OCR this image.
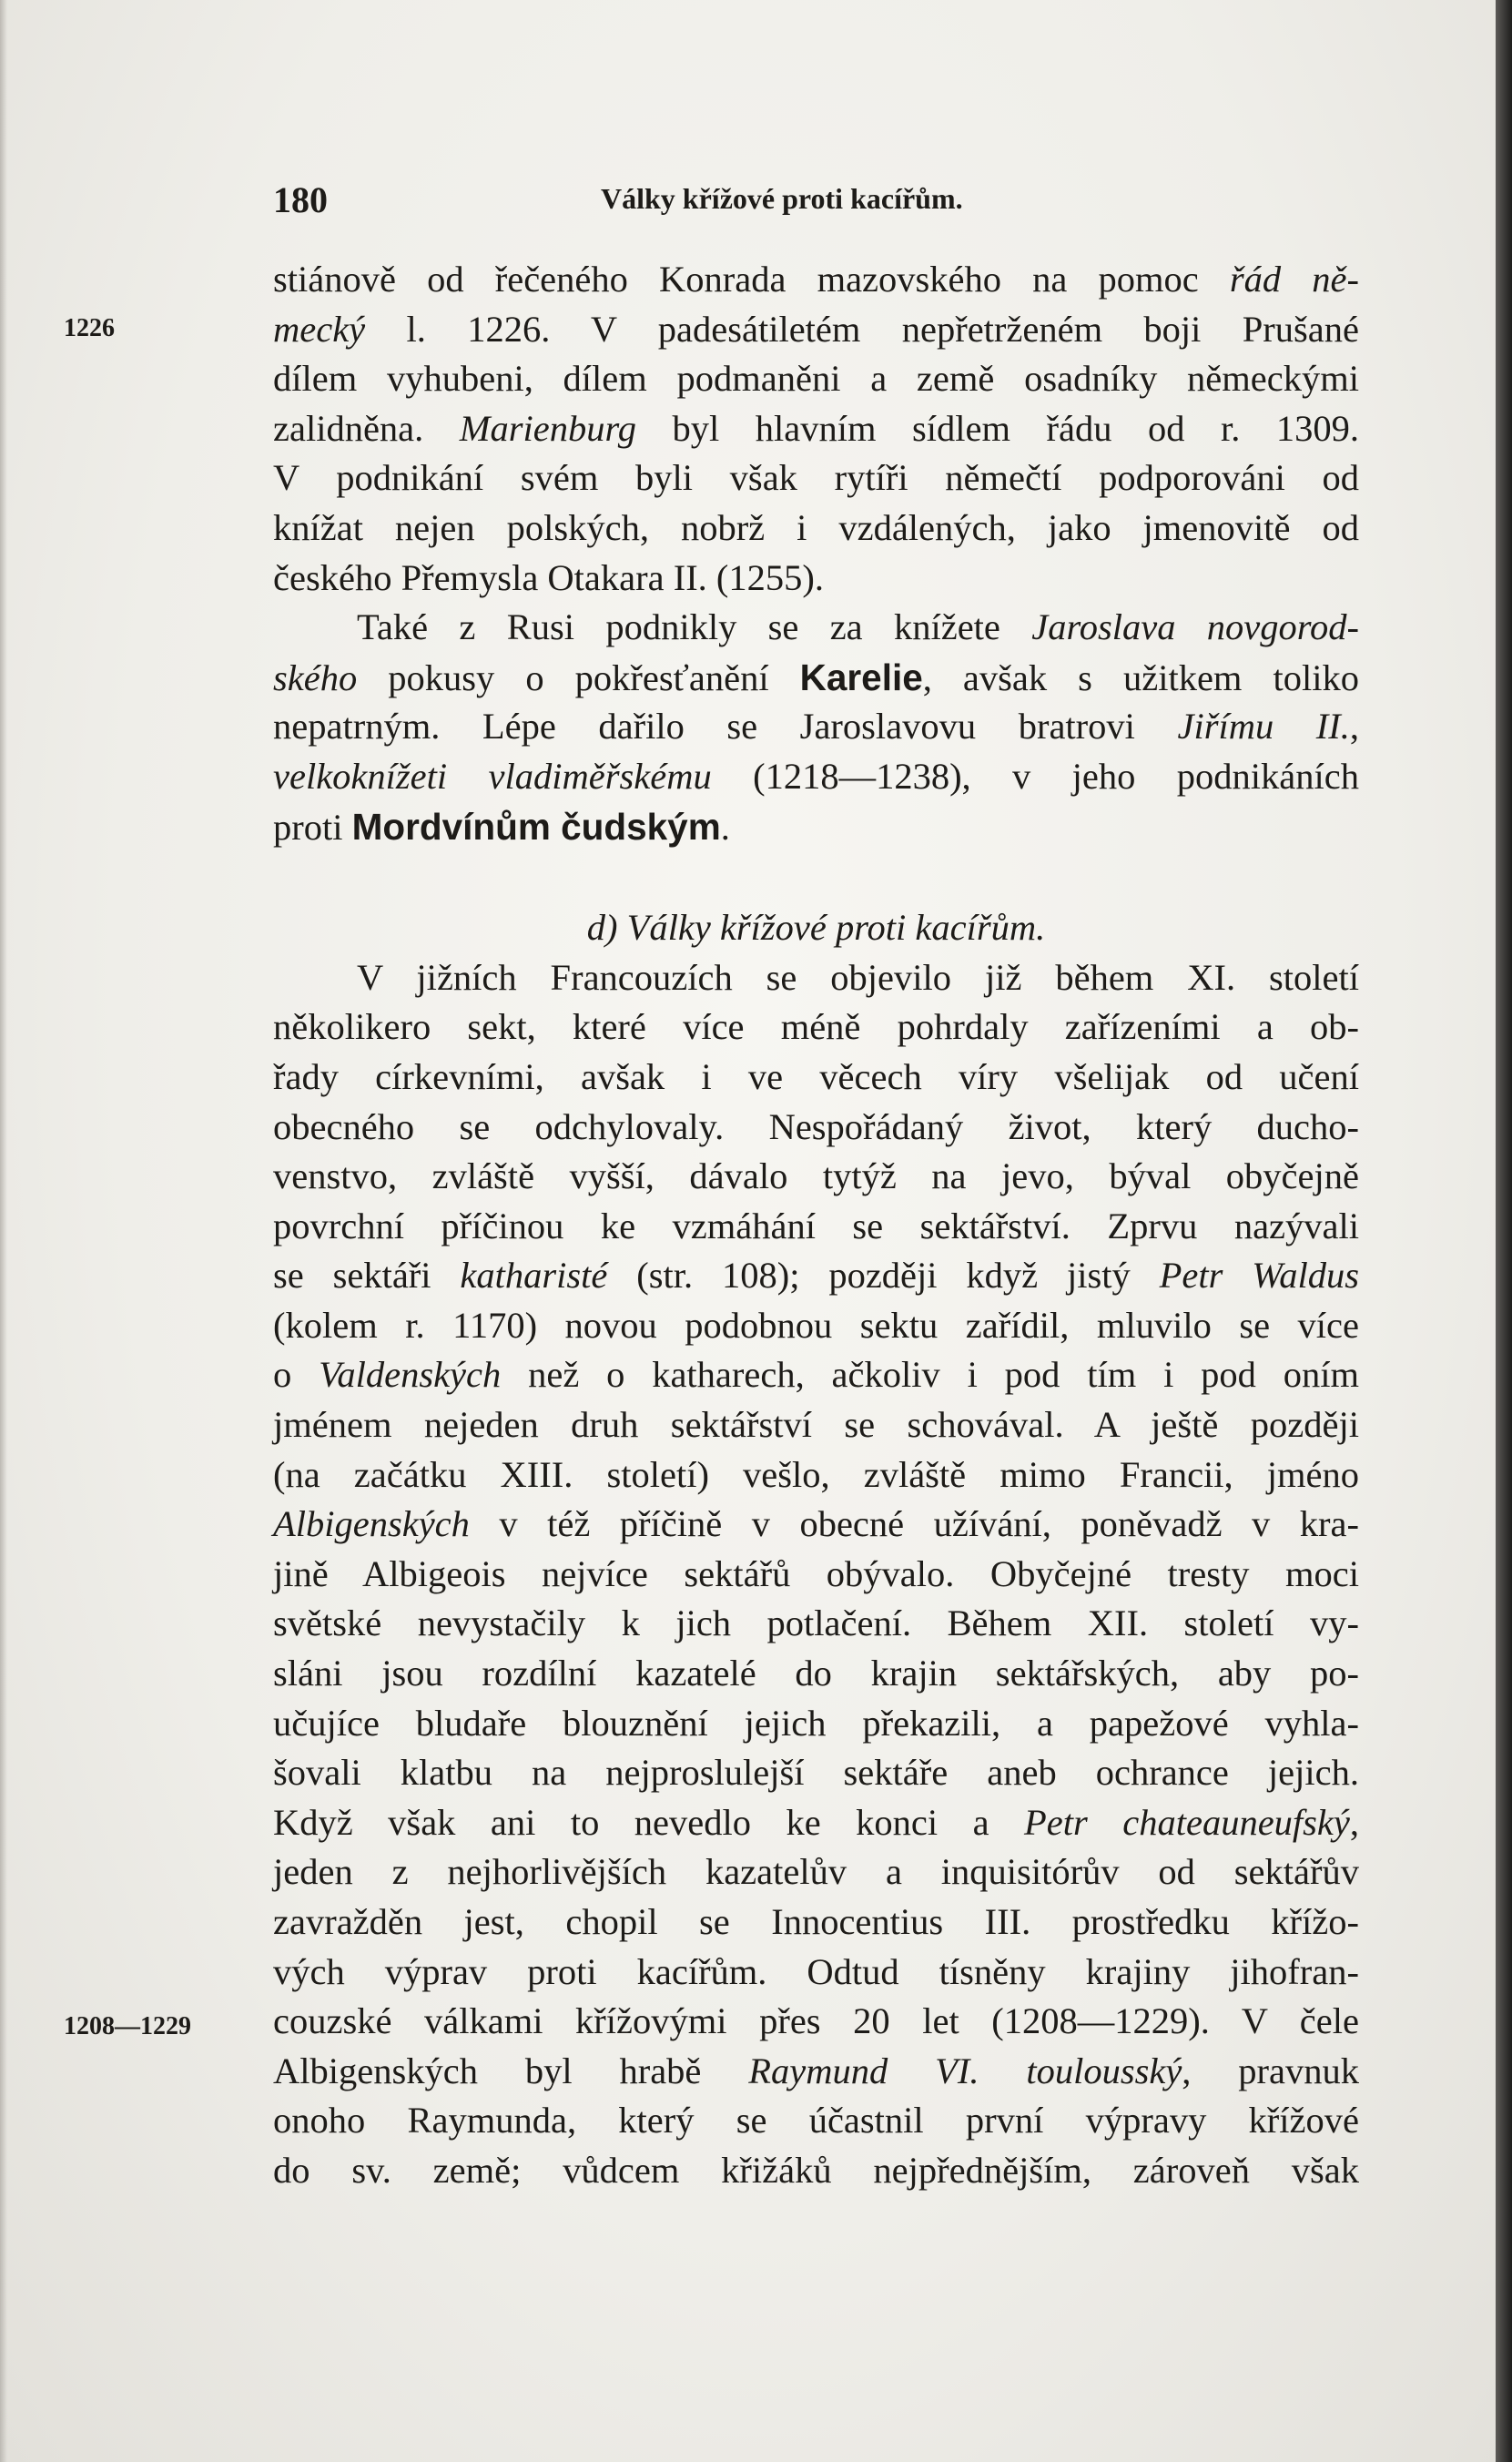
180	Války křížové proti kacířům.
1226
1208—1229
stiánově od řečeného Konrada mazovského na pomoc řád ně-
mecký l. 1226. V padesátiletém nepřetrženém boji Prušané
dílem vyhubeni, dílem podmaněni a země osadníky německými
zalidněna. Marienburg byl hlavním sídlem řádu od r. 1309.
V podnikání svém byli však rytíři němečtí podporováni od
knížat nejen polských, nobrž i vzdálených, jako jmenovitě od
českého Přemysla Otakara II. (1255).
Také z Rusi podnikly se za knížete Jaroslava novgorod-
ského pokusy o pokřesťanění Karelie, avšak s užitkem toliko
nepatrným. Lépe dařilo se Jaroslavovu bratrovi Jiřímu II.,
velkoknížeti vladiměřskému (1218—1238), v jeho podnikáních
proti Mordvínům čudským.
d) Války křížové proti kacířům.
V jižních Francouzích se objevilo již během XI. století
několikero sekt, které více méně pohrdaly zařízeními a ob-
řady církevními, avšak i ve věcech víry všelijak od učení
obecného se odchylovaly. Nespořádaný život, který ducho-
venstvo, zvláště vyšší, dávalo tytýž na jevo, býval obyčejně
povrchní příčinou ke vzmáhání se sektářství. Zprvu nazývali
se sektáři katharisté (str. 108); později když jistý Petr Waldus
(kolem r. 1170) novou podobnou sektu zařídil, mluvilo se více
o Valdenských než o katharech, ačkoliv i pod tím i pod oním
jménem nejeden druh sektářství se schovával. A ještě později
(na začátku XIII. století) vešlo, zvláště mimo Francii, jméno
Albigenských v též příčině v obecné užívání, poněvadž v kra-
jině Albigeois nejvíce sektářů obývalo. Obyčejné tresty moci
světské nevystačily k jich potlačení. Během XII. století vy-
sláni jsou rozdílní kazatelé do krajin sektářských, aby po-
učujíce bludaře blouznění jejich překazili, a papežové vyhla-
šovali klatbu na nejproslulejší sektáře aneb ochrance jejich.
Když však ani to nevedlo ke konci a Petr chateauneufský,
jeden z nejhorlivějších kazatelův a inquisitórův od sektářův
zavražděn jest, chopil se Innocentius III. prostředku křížo-
vých výprav proti kacířům. Odtud tísněny krajiny jihofran-
couzské válkami křížovými přes 20 let (1208—1229). V čele
Albigenských byl hrabě Raymund VI. toulousský, pravnuk
onoho Raymunda, který se účastnil první výpravy křížové
do sv. země; vůdcem křižáků nejpřednějším, zároveň však
